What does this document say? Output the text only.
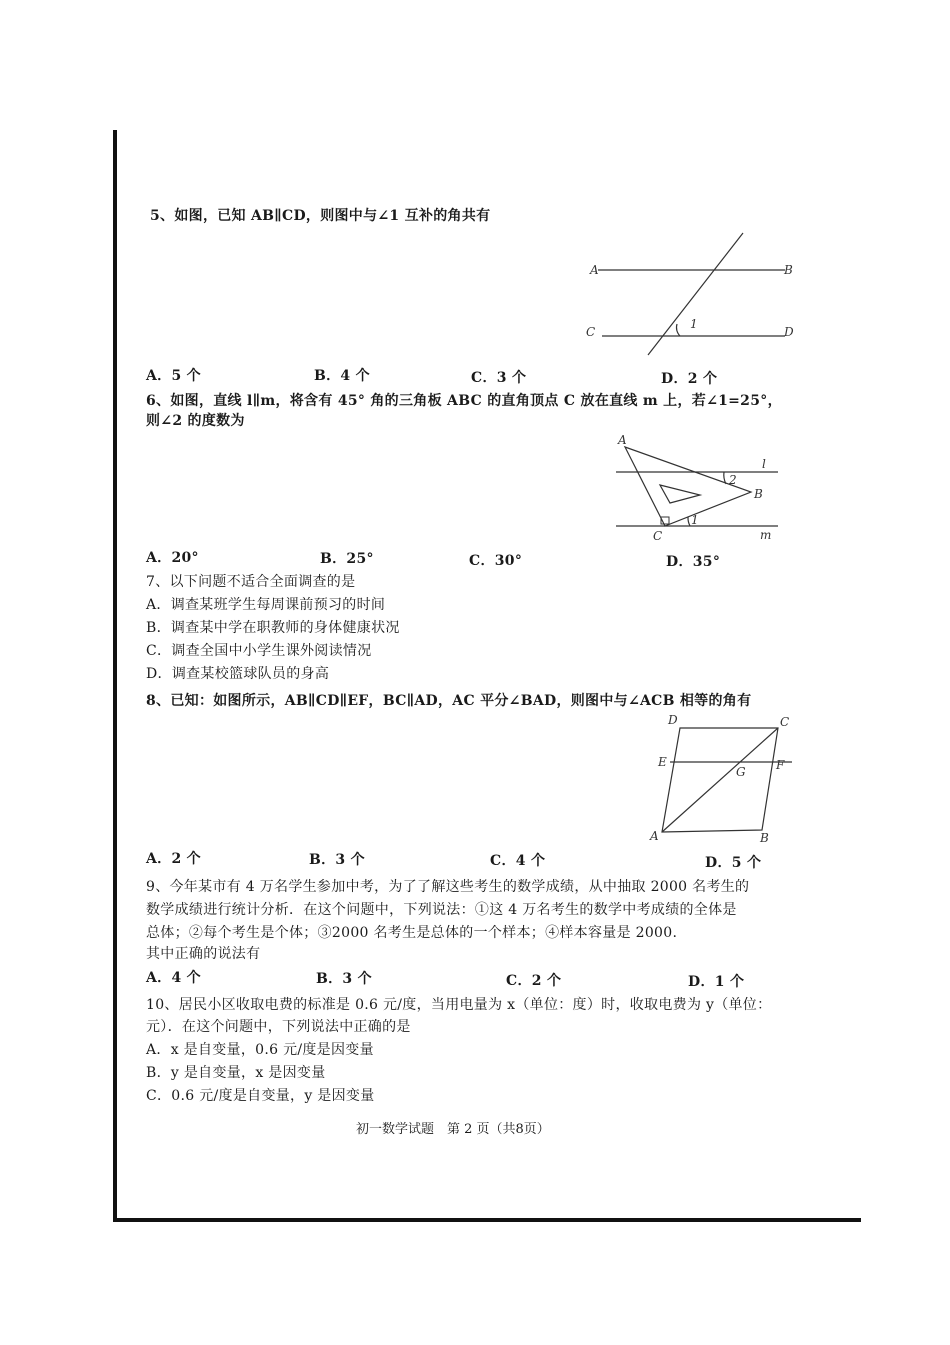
5、如图，已知 AB∥CD，则图中与∠1 互补的角共有
A	B
C	D
1
A．5 个	B．4 个	C．3 个	D．2 个
6、如图，直线 l∥m，将含有 45° 角的三角板 ABC 的直角顶点 C 放在直线 m 上，若∠1=25°，
则∠2 的度数为
A
B
C
l
m
1
2
A．20°	B．25°	C．30°	D．35°
7、以下问题不适合全面调查的是
A．调查某班学生每周课前预习的时间
B．调查某中学在职教师的身体健康状况
C．调查全国中小学生课外阅读情况
D．调查某校篮球队员的身高
8、已知：如图所示，AB∥CD∥EF，BC∥AD，AC 平分∠BAD，则图中与∠ACB 相等的角有
D	C
E	F
G
A	B
A．2 个	B．3 个	C．4 个	D．5 个
9、今年某市有 4 万名学生参加中考，为了了解这些考生的数学成绩，从中抽取 2000 名考生的
数学成绩进行统计分析．在这个问题中，下列说法：①这 4 万名考生的数学中考成绩的全体是
总体；②每个考生是个体；③2000 名考生是总体的一个样本；④样本容量是 2000.
其中正确的说法有
A．4 个	B．3 个	C．2 个	D．1 个
10、居民小区收取电费的标准是 0.6 元/度，当用电量为 x（单位：度）时，收取电费为 y（单位：
元）．在这个问题中，下列说法中正确的是
A．x 是自变量，0.6 元/度是因变量
B．y 是自变量，x 是因变量
C．0.6 元/度是自变量，y 是因变量
初一数学试题　第 2 页（共8页）
